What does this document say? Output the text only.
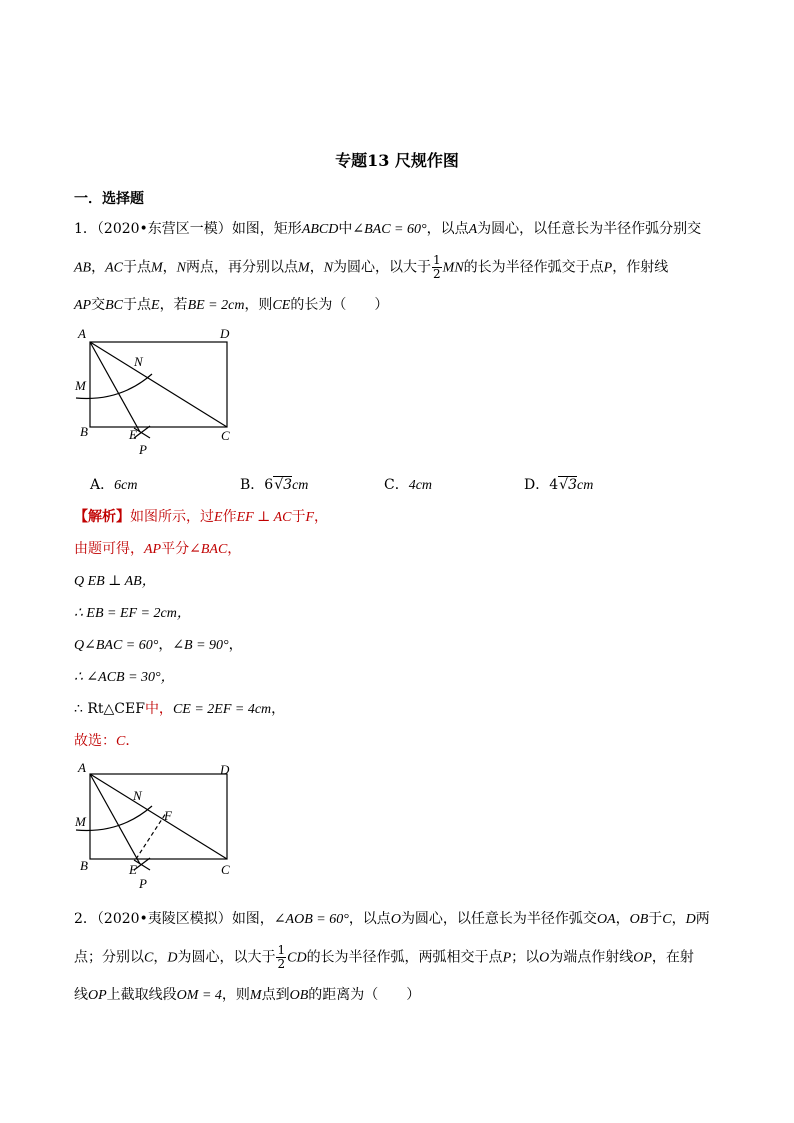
专题13 尺规作图
一．选择题
1．（2020•东营区一模）如图，矩形ABCD中∠BAC = 60°，以点A为圆心，以任意长为半径作弧分别交
AB，AC于点M，N两点，再分别以点M，N为圆心，以大于 $\frac{1}{2}$ MN的长为半径作弧交于点P，作射线
AP交BC于点E，若BE = 2cm，则CE的长为（　　）
A	D
N
M
B	E	C
P
A．6cm	B．6√3cm	C．4cm	D．4√3cm
【解析】如图所示，过E作EF ⊥ AC于F，
由题可得，AP平分∠BAC，
Q EB ⊥ AB，
∴ EB = EF = 2cm，
Q∠BAC = 60°，∠B = 90°，
∴ ∠ACB = 30°，
∴ Rt△CEF中，CE = 2EF = 4cm，
故选：C．
A	D
N
F
M
B	E	C
P
2．（2020•夷陵区模拟）如图，∠AOB = 60°，以点O为圆心，以任意长为半径作弧交OA，OB于C，D两
点；分别以C，D为圆心，以大于 $\frac{1}{2}$ CD的长为半径作弧，两弧相交于点P；以O为端点作射线OP，在射
线OP上截取线段OM = 4，则M点到OB的距离为（　　）
